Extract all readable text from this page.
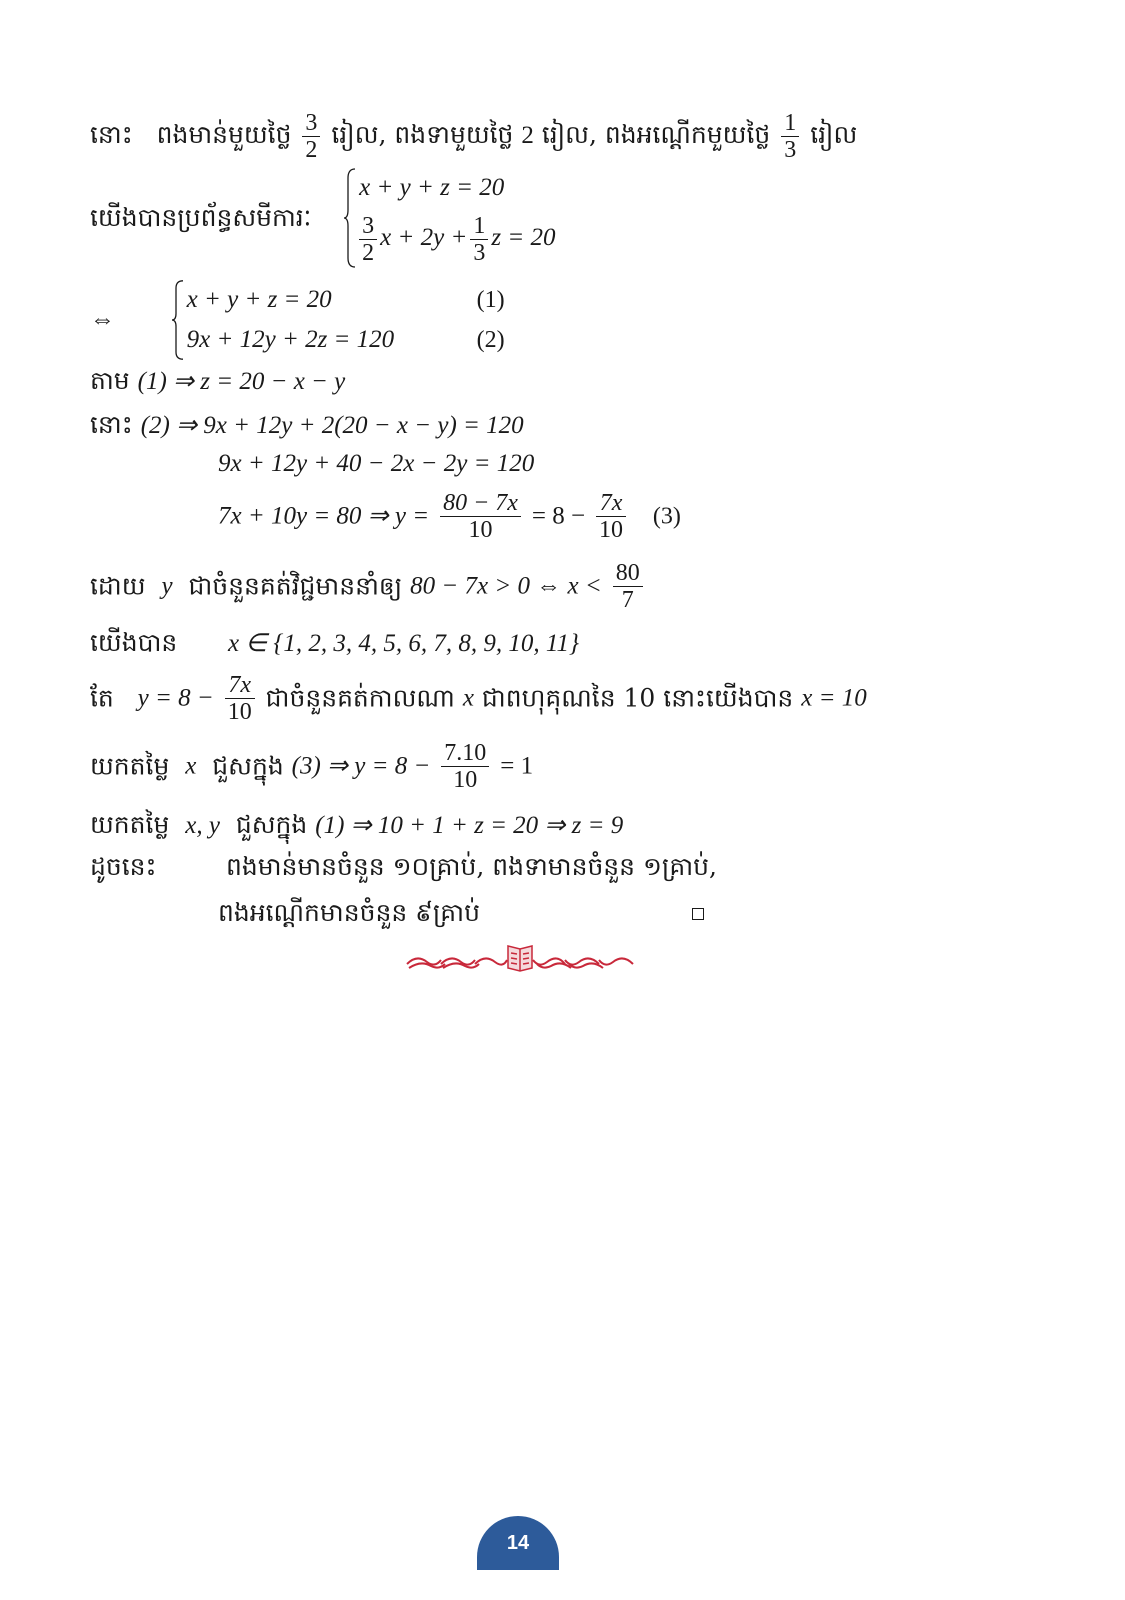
នោះ ពងមាន់មួយថ្លៃ $\frac{3}{2}$ រៀល, ពងទាមួយថ្លៃ 2 រៀល, ពងអណ្តើកមួយថ្លៃ $\frac{1}{3}$ រៀល
យើងបានប្រព័ន្ធសមីការៈ
x + y + z = 20
$\frac{3}{2}$ $x + 2y + \frac{1}{3}$ z = 20
⇔
x + y + z = 20	(1)
9x + 12y + 2z = 120	(2)
តាម (1) ⇒ z = 20 − x − y
នោះ (2) ⇒ 9x + 12y + 2(20 − x − y) = 120
9x + 12y + 40 − 2x − 2y = 120
7x + 10y = 80 ⇒ $y = \frac{80 - 7x}{10} = 8 - \frac{7x}{10} (3)$
ដោយ y ជាចំនួនគត់វិជ្ជមាននាំឲ្យ 80 − 7x > 0 ⇔ $x < \frac{80}{7}$
យើងបាន x ∈ {1, 2, 3, 4, 5, 6, 7, 8, 9, 10, 11}
តែ $y = 8 - \frac{7x}{10}$ ជាចំនួនគត់កាលណា x ជាពហុគុណនៃ 10 នោះយើងបាន x = 10
យកតម្លៃ x ជួសក្នុង (3) ⇒ $y = 8 - \frac{7.10}{10} = 1$
យកតម្លៃ x, y ជួសក្នុង (1) ⇒ 10 + 1 + z = 20 ⇒ z = 9
ដូចនេះ	ពងមាន់មានចំនួន ១០គ្រាប់, ពងទាមានចំនួន ១គ្រាប់,
ពងអណ្តើកមានចំនួន ៩គ្រាប់
14
